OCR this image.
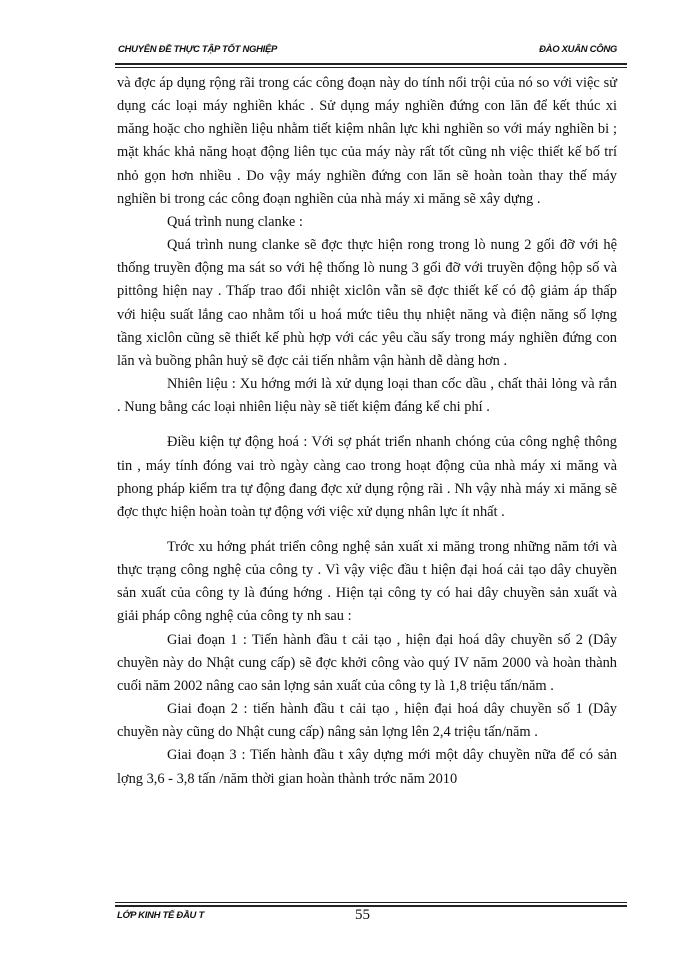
CHUYÊN ĐỀ THỰC TẬP TỐT NGHIỆP	ĐÀO XUÂN CÔNG

và đợc áp dụng rộng rãi trong các công đoạn này do tính nổi trội của nó so với việc sử dụng các loại máy nghiền khác . Sử dụng máy nghiền đứng con lăn để kết thúc xi măng hoặc cho nghiền liệu nhằm tiết kiệm nhân lực khi nghiền so với máy nghiền bi ; mặt khác khả năng hoạt động liên tục của máy này rất tốt cũng nh việc thiết kế bố trí nhỏ gọn hơn nhiều . Do vậy máy nghiền đứng con lăn sẽ hoàn toàn thay thế máy nghiền bi trong các công đoạn nghiền của nhà máy xi măng sẽ xây dựng .

Quá trình nung clanke :

Quá trình nung clanke sẽ đợc thực hiện rong trong lò nung 2 gối đỡ với hệ thống truyền động ma sát so với hệ thống lò nung 3 gối đỡ với truyền động hộp số và pittông hiện nay . Thấp trao đổi nhiệt xiclôn vẫn sẽ đợc thiết kế có độ giảm áp thấp với hiệu suất lắng cao nhằm tối u hoá mức tiêu thụ nhiệt năng và điện năng số lợng tầng xiclôn cũng sẽ thiết kế phù hợp với các yêu cầu sấy trong máy nghiền đứng con lăn và buồng phân huỷ sẽ đợc cải tiến nhằm vận hành dễ dàng hơn .

Nhiên liệu : Xu hớng mới là xử dụng loại than cốc dầu , chất thải lỏng và rắn . Nung bằng các loại nhiên liệu này sẽ tiết kiệm đáng kể chi phí .

Điều kiện tự động hoá : Với sợ phát triển nhanh chóng của công nghệ thông tin , máy tính đóng vai trò ngày càng cao trong hoạt động của nhà máy xi măng và phong pháp kiểm tra tự động đang đợc xử dụng rộng rãi . Nh vậy nhà máy xi măng sẽ đợc thực hiện hoàn toàn tự động với việc xử dụng nhân lực ít nhất .

Trớc xu hớng phát triển công nghệ sản xuất xi măng trong những năm tới và thực trạng công nghệ của công ty . Vì vậy việc đầu t hiện đại hoá cải tạo dây chuyền sản xuất của công ty là đúng hớng . Hiện tại công ty có hai dây chuyền sản xuất và giải pháp công nghệ của công ty nh sau :

Giai đoạn 1 : Tiến hành đầu t cải tạo , hiện đại hoá dây chuyền số 2 (Dây chuyền này do Nhật cung cấp) sẽ đợc khởi công vào quý IV năm 2000 và hoàn thành cuối năm 2002 nâng cao sản lợng sản xuất của công ty là 1,8 triệu tấn/năm .

Giai đoạn 2 : tiến hành đầu t cải tạo , hiện đại hoá dây chuyền số 1 (Dây chuyền này cũng do Nhật cung cấp) nâng sản lợng lên 2,4 triệu tấn/năm .

Giai đoạn 3 : Tiến hành đầu t xây dựng mới một dây chuyền nữa để có sản lợng 3,6 - 3,8 tấn /năm thời gian hoàn thành trớc năm 2010

LỚP KINH TẾ ĐẦU T	55
